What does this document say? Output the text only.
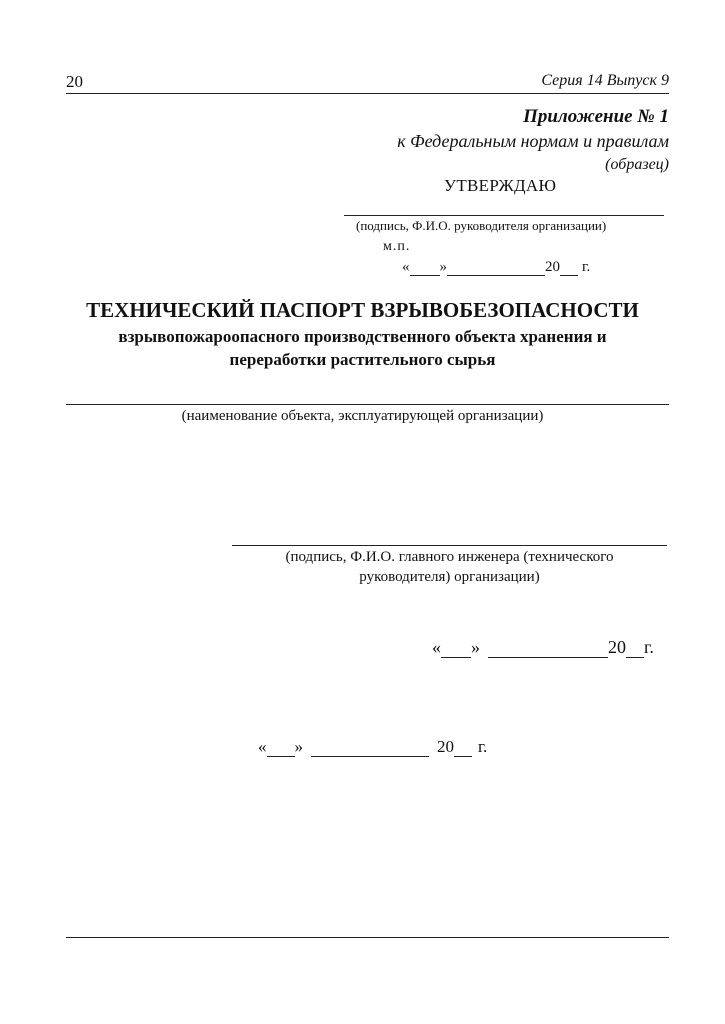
20	Серия 14 Выпуск 9
Приложение № 1
к Федеральным нормам и правилам
(образец)
УТВЕРЖДАЮ
(подпись, Ф.И.О. руководителя организации)
м.п.
« »	20 г.
ТЕХНИЧЕСКИЙ ПАСПОРТ ВЗРЫВОБЕЗОПАСНОСТИ
взрывопожароопасного производственного объекта хранения и
переработки растительного сырья
(наименование объекта, эксплуатирующей организации)
(подпись, Ф.И.О. главного инженера (технического
руководителя) организации)
« »	20 г.
« »	20 г.
